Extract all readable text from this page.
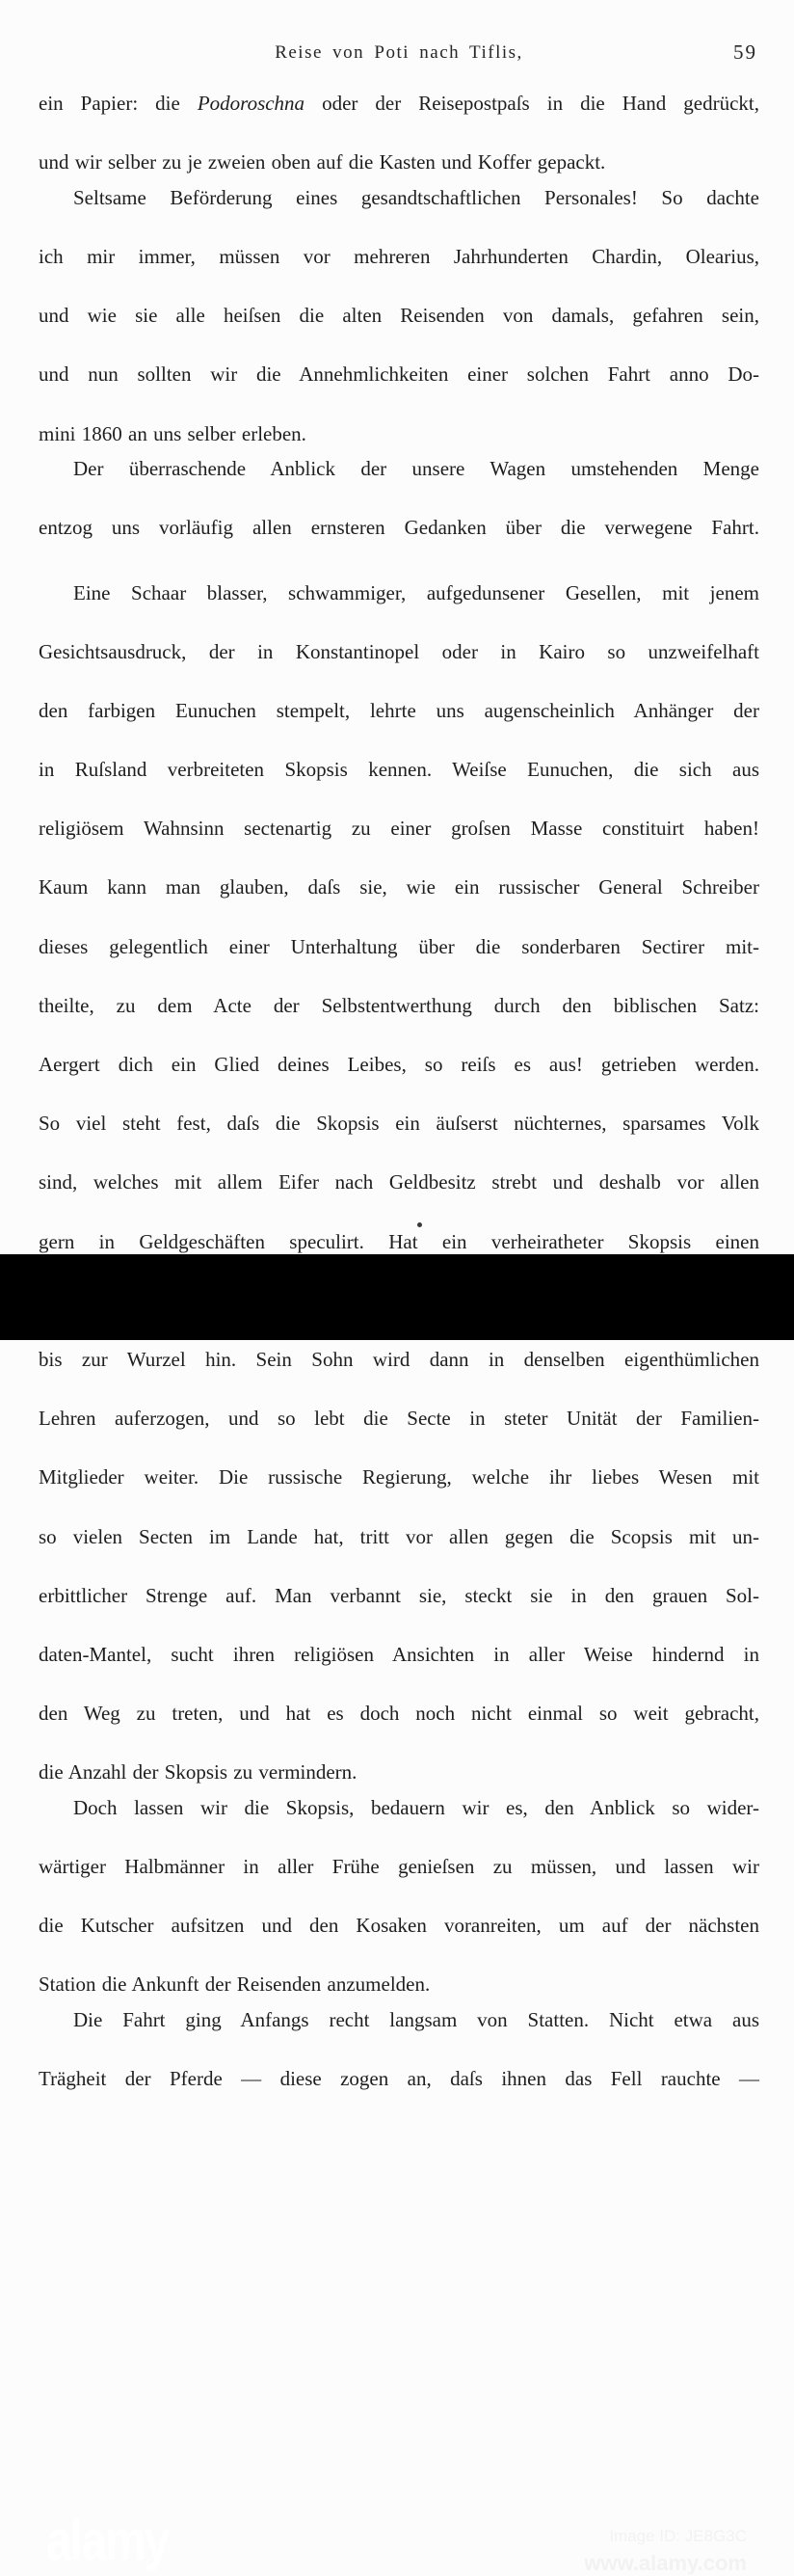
Reise von Poti nach Tiflis,	59
ein Papier: die Podoroschna oder der Reisepostpaſs in die Hand gedrückt,
und wir selber zu je zweien oben auf die Kasten und Koffer gepackt.
Seltsame Beförderung eines gesandtschaftlichen Personales! So dachte
ich mir immer, müssen vor mehreren Jahrhunderten Chardin, Olearius,
und wie sie alle heiſsen die alten Reisenden von damals, gefahren sein,
und nun sollten wir die Annehmlichkeiten einer solchen Fahrt anno Do-
mini 1860 an uns selber erleben.
Der überraschende Anblick der unsere Wagen umstehenden Menge
entzog uns vorläufig allen ernsteren Gedanken über die verwegene Fahrt.
Eine Schaar blasser, schwammiger, aufgedunsener Gesellen, mit jenem
Gesichtsausdruck, der in Konstantinopel oder in Kairo so unzweifelhaft
den farbigen Eunuchen stempelt, lehrte uns augenscheinlich Anhänger der
in Ruſsland verbreiteten Skopsis kennen. Weiſse Eunuchen, die sich aus
religiösem Wahnsinn sectenartig zu einer groſsen Masse constituirt haben!
Kaum kann man glauben, daſs sie, wie ein russischer General Schreiber
dieses gelegentlich einer Unterhaltung über die sonderbaren Sectirer mit-
theilte, zu dem Acte der Selbstentwerthung durch den biblischen Satz:
Aergert dich ein Glied deines Leibes, so reiſs es aus! getrieben werden.
So viel steht fest, daſs die Skopsis ein äuſserst nüchternes, sparsames Volk
sind, welches mit allem Eifer nach Geldbesitz strebt und deshalb vor allen
gern in Geldgeschäften speculirt. Hat ein verheiratheter Skopsis einen
bis zur Wurzel hin. Sein Sohn wird dann in denselben eigenthümlichen
Lehren auferzogen, und so lebt die Secte in steter Unität der Familien-
Mitglieder weiter. Die russische Regierung, welche ihr liebes Wesen mit
so vielen Secten im Lande hat, tritt vor allen gegen die Scopsis mit un-
erbittlicher Strenge auf. Man verbannt sie, steckt sie in den grauen Sol-
daten-Mantel, sucht ihren religiösen Ansichten in aller Weise hindernd in
den Weg zu treten, und hat es doch noch nicht einmal so weit gebracht,
die Anzahl der Skopsis zu vermindern.
Doch lassen wir die Skopsis, bedauern wir es, den Anblick so wider-
wärtiger Halbmänner in aller Frühe genieſsen zu müssen, und lassen wir
die Kutscher aufsitzen und den Kosaken voranreiten, um auf der nächsten
Station die Ankunft der Reisenden anzumelden.
Die Fahrt ging Anfangs recht langsam von Statten. Nicht etwa aus
Trägheit der Pferde — diese zogen an, daſs ihnen das Fell rauchte —
alamy	Image ID: JE8G3C
www.alamy.com
